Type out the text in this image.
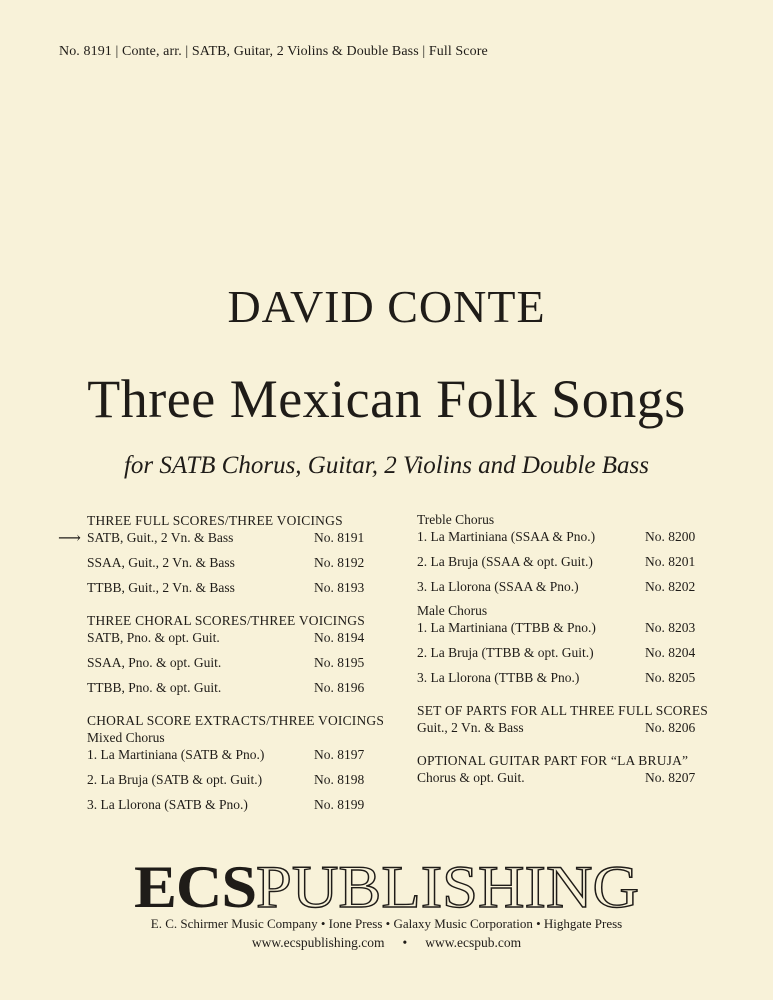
No. 8191 | Conte, arr. | SATB, Guitar, 2 Violins & Double Bass | Full Score
DAVID CONTE
Three Mexican Folk Songs
for SATB Chorus, Guitar, 2 Violins and Double Bass
⟶
THREE FULL SCORES/THREE VOICINGS
SATB, Guit., 2 Vn. & Bass	No. 8191
SSAA, Guit., 2 Vn. & Bass	No. 8192
TTBB, Guit., 2 Vn. & Bass	No. 8193
THREE CHORAL SCORES/THREE VOICINGS
SATB, Pno. & opt. Guit.	No. 8194
SSAA, Pno. & opt. Guit.	No. 8195
TTBB, Pno. & opt. Guit.	No. 8196
CHORAL SCORE EXTRACTS/THREE VOICINGS
Mixed Chorus
1. La Martiniana (SATB & Pno.)	No. 8197
2. La Bruja (SATB & opt. Guit.)	No. 8198
3. La Llorona (SATB & Pno.)	No. 8199
Treble Chorus
1. La Martiniana (SSAA & Pno.)	No. 8200
2. La Bruja (SSAA & opt. Guit.)	No. 8201
3. La Llorona (SSAA & Pno.)	No. 8202
Male Chorus
1. La Martiniana (TTBB & Pno.)	No. 8203
2. La Bruja (TTBB & opt. Guit.)	No. 8204
3. La Llorona (TTBB & Pno.)	No. 8205
SET OF PARTS FOR ALL THREE FULL SCORES
Guit., 2 Vn. & Bass	No. 8206
OPTIONAL GUITAR PART FOR “LA BRUJA”
Chorus & opt. Guit.	No. 8207
ECS PUBLISHING
E. C. Schirmer Music Company • Ione Press • Galaxy Music Corporation • Highgate Press
www.ecspublishing.com • www.ecspub.com
